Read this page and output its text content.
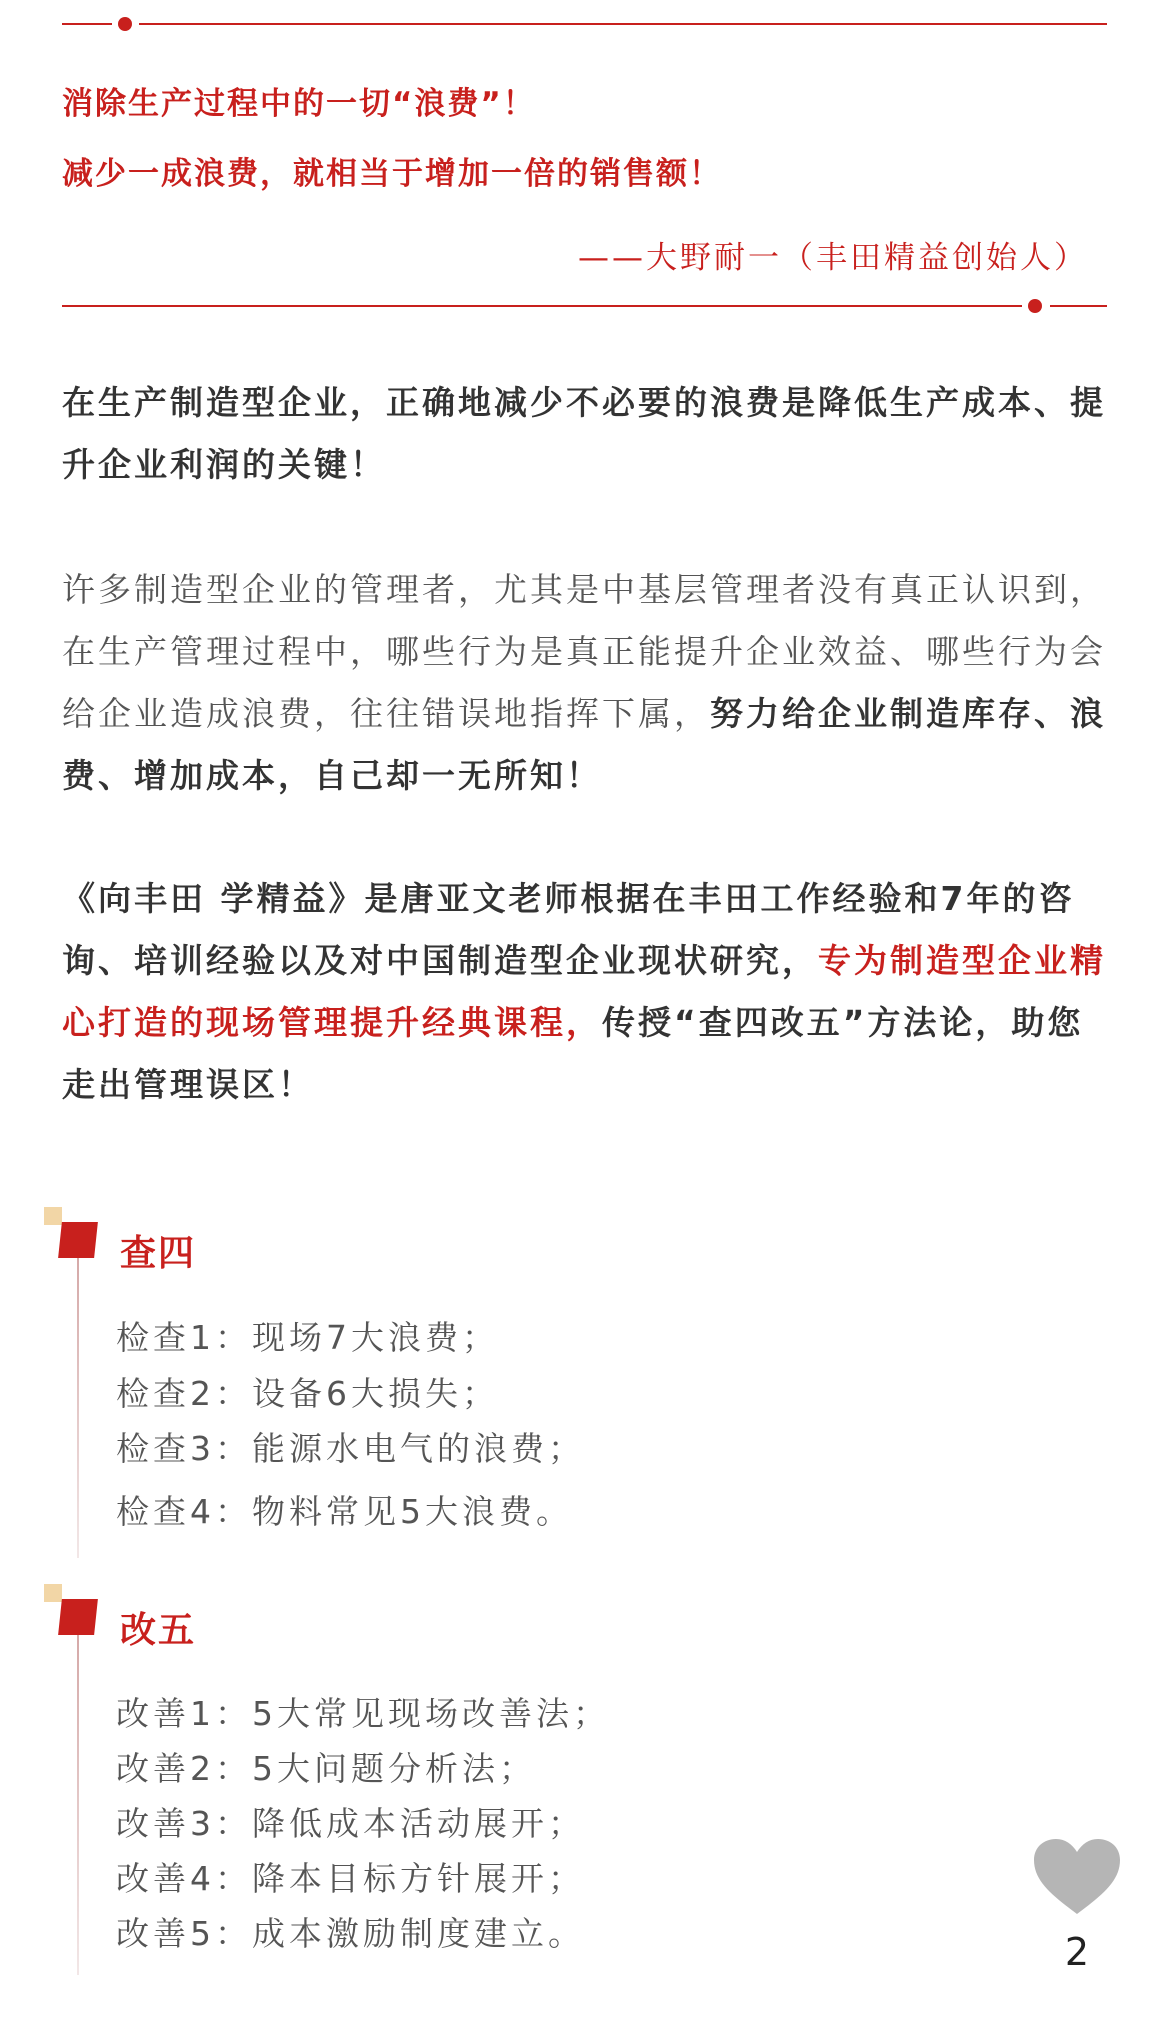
消除生产过程中的一切“浪费”！
减少一成浪费，就相当于增加一倍的销售额！
——大野耐一（丰田精益创始人）
在生产制造型企业，正确地减少不必要的浪费是降低生产成本、提升企业利润的关键！
许多制造型企业的管理者，尤其是中基层管理者没有真正认识到，在生产管理过程中，哪些行为是真正能提升企业效益、哪些行为会给企业造成浪费，往往错误地指挥下属，努力给企业制造库存、浪费、增加成本，自己却一无所知！
《向丰田 学精益》是唐亚文老师根据在丰田工作经验和7年的咨询、培训经验以及对中国制造型企业现状研究，专为制造型企业精心打造的现场管理提升经典课程，传授“查四改五”方法论，助您走出管理误区！
查四
检查1：现场7大浪费；
检查2：设备6大损失；
检查3：能源水电气的浪费；
检查4：物料常见5大浪费。
改五
改善1：5大常见现场改善法；
改善2：5大问题分析法；
改善3：降低成本活动展开；
改善4：降本目标方针展开；
改善5：成本激励制度建立。	2
